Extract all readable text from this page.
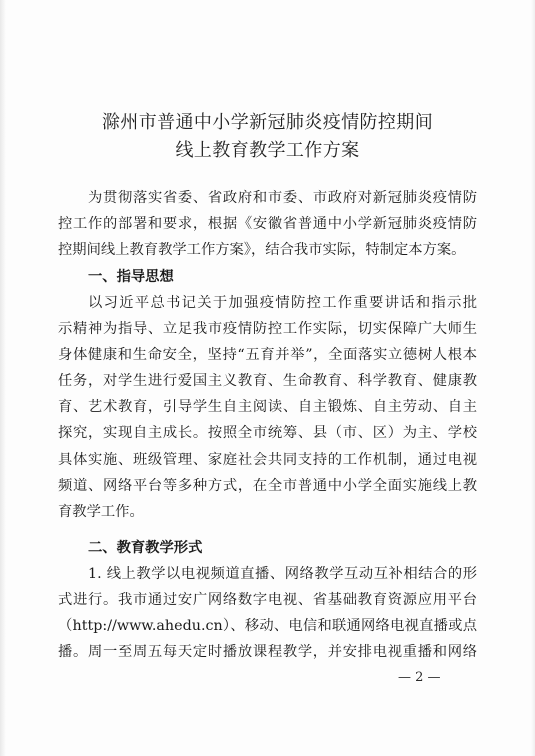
滁州市普通中小学新冠肺炎疫情防控期间
线上教育教学工作方案
为贯彻落实省委、省政府和市委、市政府对新冠肺炎疫情防
控工作的部署和要求，根据《安徽省普通中小学新冠肺炎疫情防
控期间线上教育教学工作方案》，结合我市实际，特制定本方案。
一、指导思想
以习近平总书记关于加强疫情防控工作重要讲话和指示批
示精神为指导、立足我市疫情防控工作实际，切实保障广大师生
身体健康和生命安全，坚持“五育并举”，全面落实立德树人根本
任务，对学生进行爱国主义教育、生命教育、科学教育、健康教
育、艺术教育，引导学生自主阅读、自主锻炼、自主劳动、自主
探究，实现自主成长。按照全市统筹、县（市、区）为主、学校
具体实施、班级管理、家庭社会共同支持的工作机制，通过电视
频道、网络平台等多种方式，在全市普通中小学全面实施线上教
育教学工作。
二、教育教学形式
1. 线上教学以电视频道直播、网络教学互动互补相结合的形
式进行。我市通过安广网络数字电视、省基础教育资源应用平台
（http://www.ahedu.cn）、移动、电信和联通网络电视直播或点
播。周一至周五每天定时播放课程教学，并安排电视重播和网络
— 2 —
